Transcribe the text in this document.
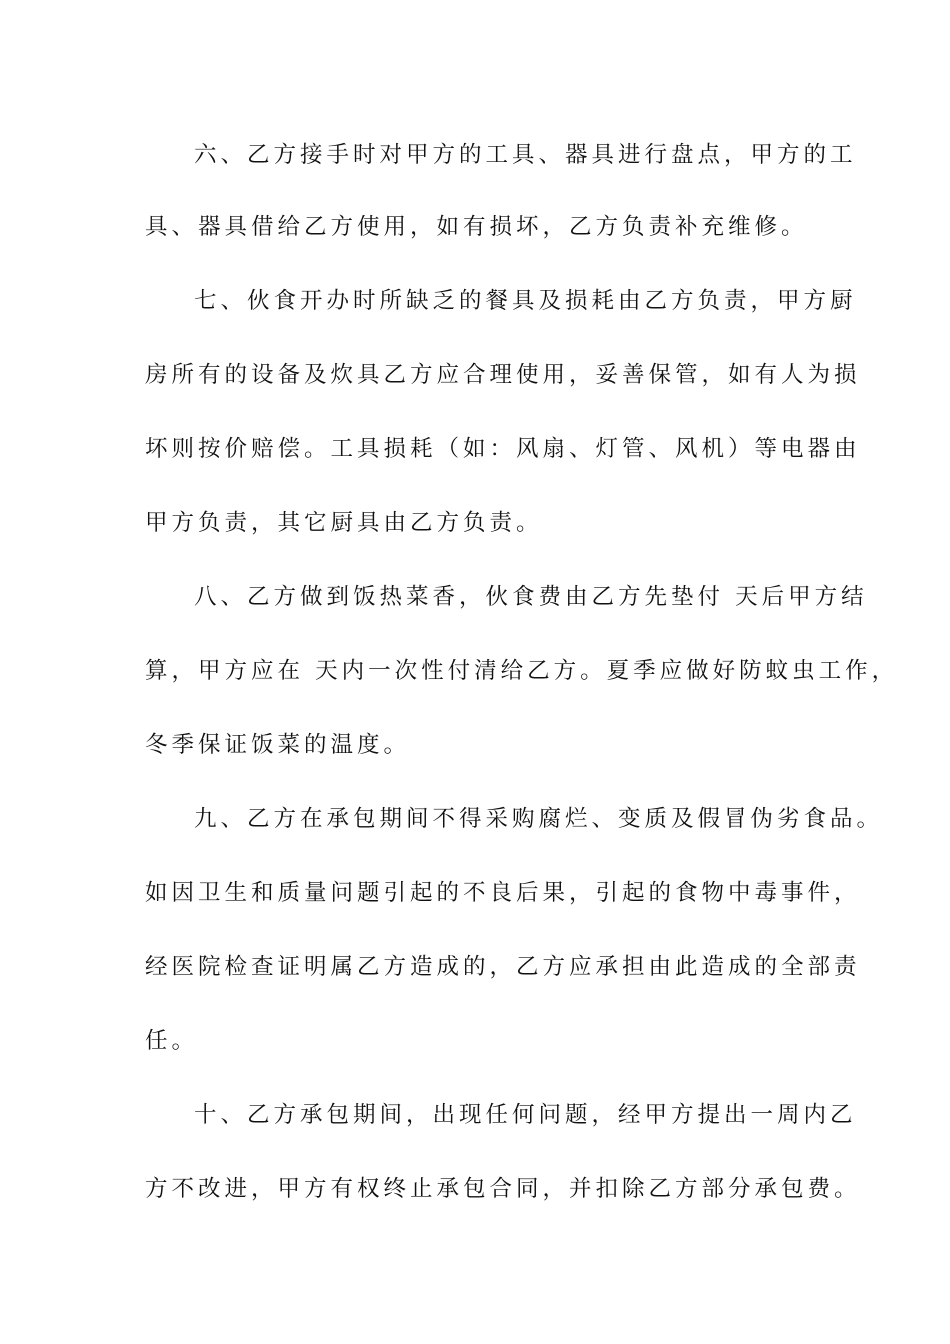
六、乙方接手时对甲方的工具、器具进行盘点，甲方的工
具、器具借给乙方使用，如有损坏，乙方负责补充维修。
七、伙食开办时所缺乏的餐具及损耗由乙方负责，甲方厨
房所有的设备及炊具乙方应合理使用，妥善保管，如有人为损
坏则按价赔偿。工具损耗（如：风扇、灯管、风机）等电器由
甲方负责，其它厨具由乙方负责。
八、乙方做到饭热菜香，伙食费由乙方先垫付 天后甲方结
算，甲方应在 天内一次性付清给乙方。夏季应做好防蚊虫工作，
冬季保证饭菜的温度。
九、乙方在承包期间不得采购腐烂、变质及假冒伪劣食品。
如因卫生和质量问题引起的不良后果，引起的食物中毒事件，
经医院检查证明属乙方造成的，乙方应承担由此造成的全部责
任。
十、乙方承包期间，出现任何问题，经甲方提出一周内乙
方不改进，甲方有权终止承包合同，并扣除乙方部分承包费。
